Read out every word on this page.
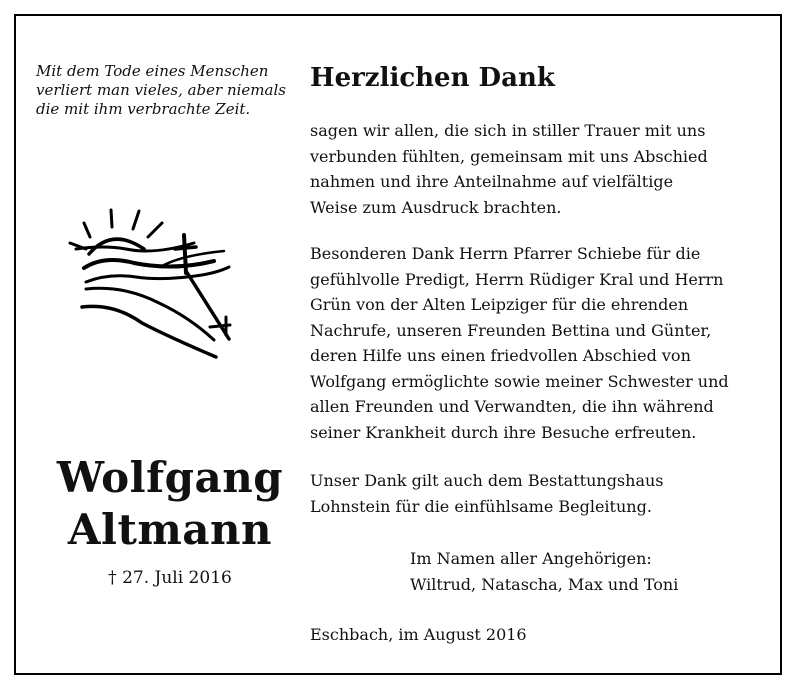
Mit dem Tode eines Menschen
verliert man vieles, aber niemals
die mit ihm verbrachte Zeit.
Wolfgang
Altmann
† 27. Juli 2016
Herzlichen Dank
sagen wir allen, die sich in stiller Trauer mit uns
verbunden fühlten, gemeinsam mit uns Abschied
nahmen und ihre Anteilnahme auf vielfältige
Weise zum Ausdruck brachten.
Besonderen Dank Herrn Pfarrer Schiebe für die
gefühlvolle Predigt, Herrn Rüdiger Kral und Herrn
Grün von der Alten Leipziger für die ehrenden
Nachrufe, unseren Freunden Bettina und Günter,
deren Hilfe uns einen friedvollen Abschied von
Wolfgang ermöglichte sowie meiner Schwester und
allen Freunden und Verwandten, die ihn während
seiner Krankheit durch ihre Besuche erfreuten.
Unser Dank gilt auch dem Bestattungshaus
Lohnstein für die einfühlsame Begleitung.
Im Namen aller Angehörigen:
Wiltrud, Natascha, Max und Toni
Eschbach, im August 2016
